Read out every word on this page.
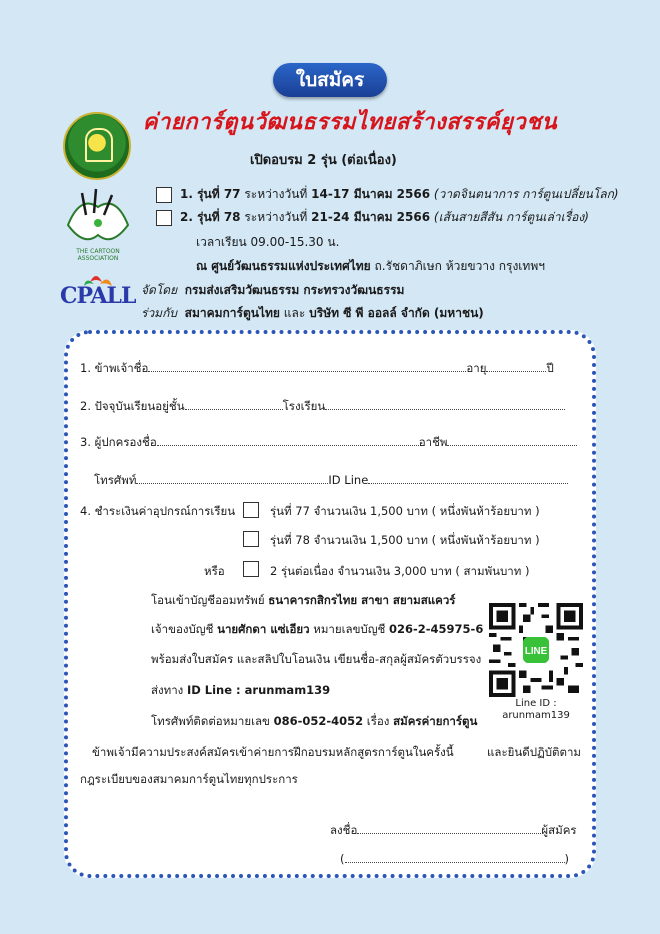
ใบสมัคร
ค่ายการ์ตูนวัฒนธรรมไทยสร้างสรรค์ยุวชน
เปิดอบรม 2 รุ่น (ต่อเนื่อง)
THE CARTOON ASSOCIATION
CPALL
1. รุ่นที่ 77 ระหว่างวันที่ 14-17 มีนาคม 2566 (วาดจินตนาการ การ์ตูนเปลี่ยนโลก)
2. รุ่นที่ 78 ระหว่างวันที่ 21-24 มีนาคม 2566 (เส้นสายสีสัน การ์ตูนเล่าเรื่อง)
เวลาเรียน 09.00-15.30 น.
ณ ศูนย์วัฒนธรรมแห่งประเทศไทย ถ.รัชดาภิเษก ห้วยขวาง กรุงเทพฯ
จัดโดย กรมส่งเสริมวัฒนธรรม กระทรวงวัฒนธรรม
ร่วมกับ สมาคมการ์ตูนไทย และ บริษัท ซี พี ออลล์ จำกัด (มหาชน)
1. ข้าพเจ้าชื่อ	อายุ	ปี
2. ปัจจุบันเรียนอยู่ชั้น	โรงเรียน
3. ผู้ปกครองชื่อ	อาชีพ
โทรศัพท์	ID Line
4. ชำระเงินค่าอุปกรณ์การเรียน	รุ่นที่ 77 จำนวนเงิน 1,500 บาท ( หนึ่งพันห้าร้อยบาท )
รุ่นที่ 78 จำนวนเงิน 1,500 บาท ( หนึ่งพันห้าร้อยบาท )
หรือ	2 รุ่นต่อเนื่อง จำนวนเงิน 3,000 บาท ( สามพันบาท )
โอนเข้าบัญชีออมทรัพย์ ธนาคารกสิกรไทย สาขา สยามสแควร์
เจ้าของบัญชี นายศักดา แซ่เอียว หมายเลขบัญชี 026-2-45975-6
พร้อมส่งใบสมัคร และสลิปใบโอนเงิน เขียนชื่อ-สกุลผู้สมัครตัวบรรจง
ส่งทาง ID Line : arunmam139
โทรศัพท์ติดต่อหมายเลข 086-052-4052 เรื่อง สมัครค่ายการ์ตูน
LINE
Line ID :
arunmam139
ข้าพเจ้ามีความประสงค์สมัครเข้าค่ายการฝึกอบรมหลักสูตรการ์ตูนในครั้งนี้	และยินดีปฏิบัติตาม
กฎระเบียบของสมาคมการ์ตูนไทยทุกประการ
ลงชื่อ	ผู้สมัคร
(	)
